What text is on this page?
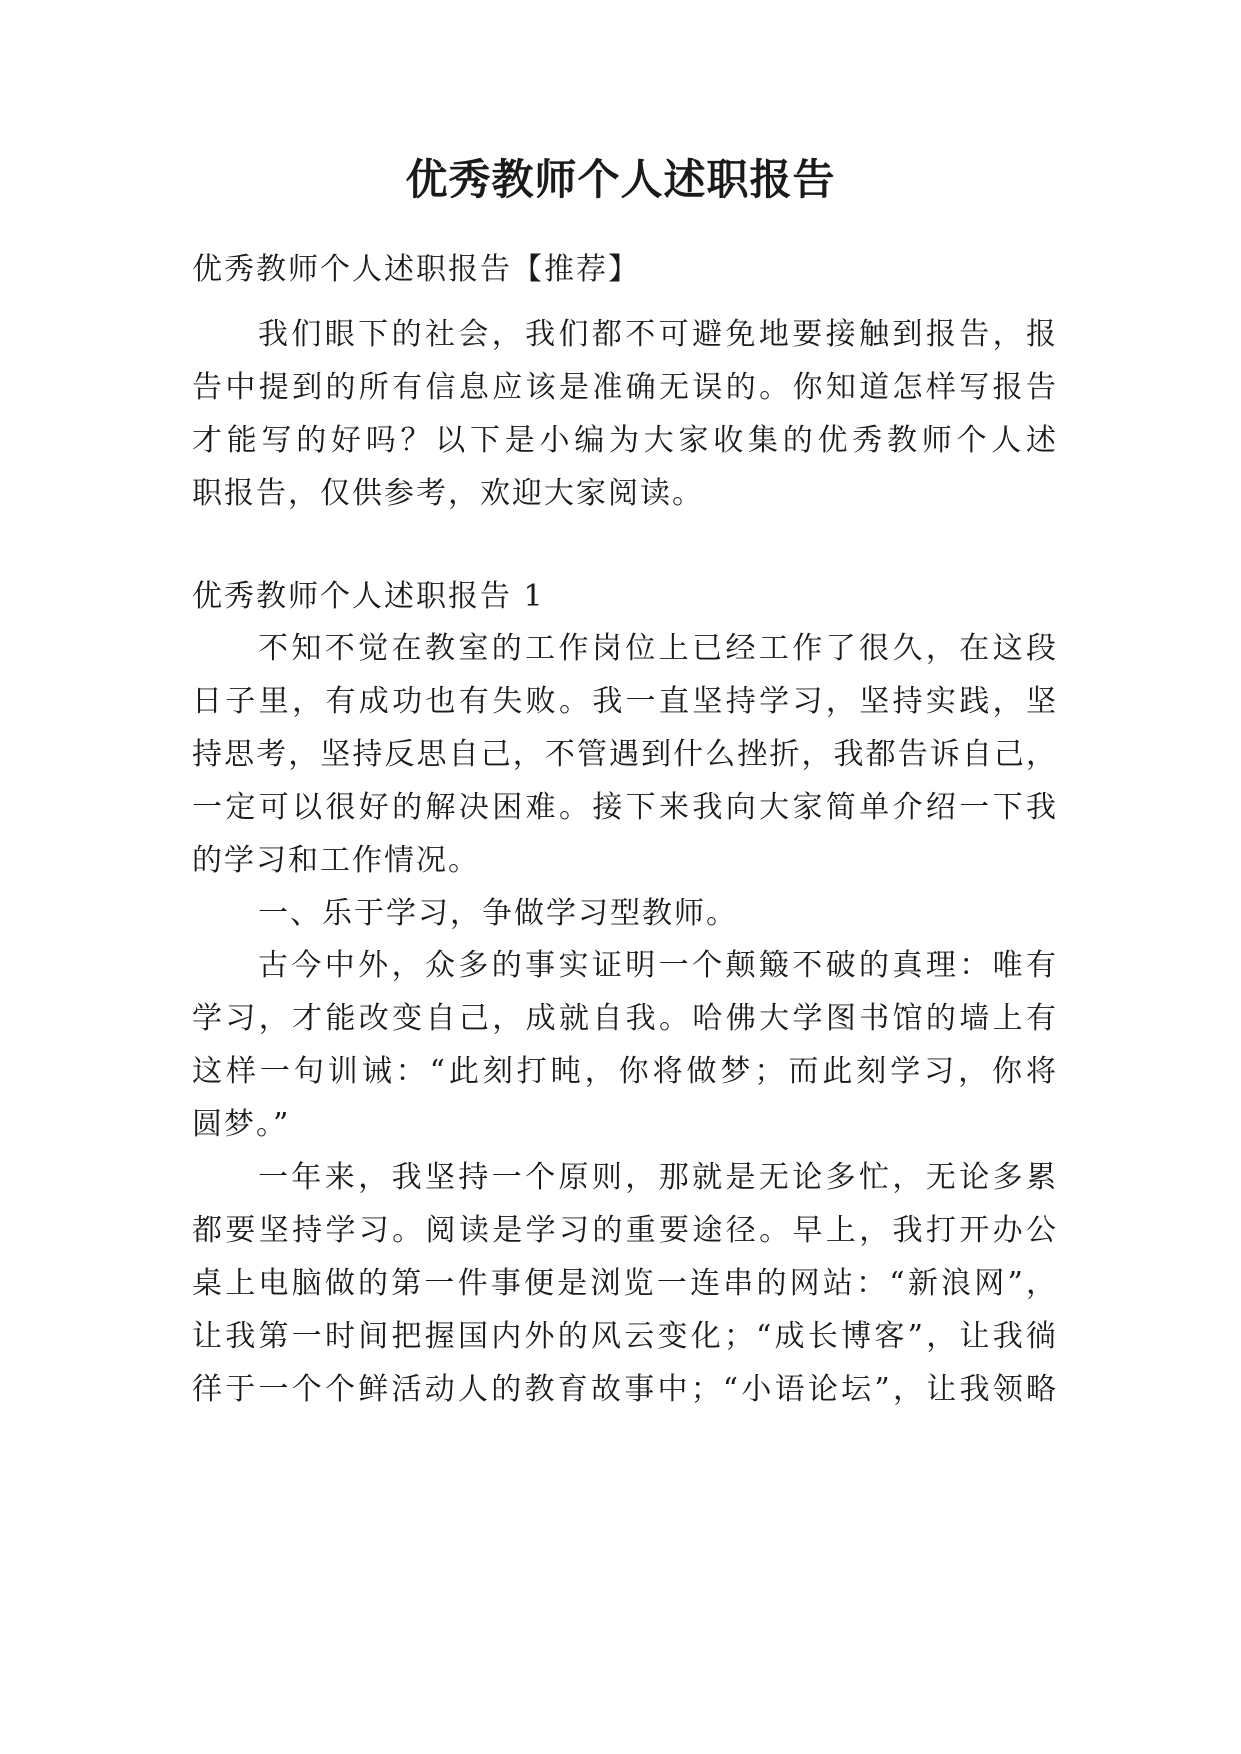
优秀教师个人述职报告
优秀教师个人述职报告【推荐】
我们眼下的社会，我们都不可避免地要接触到报告，报
告中提到的所有信息应该是准确无误的。你知道怎样写报告
才能写的好吗？以下是小编为大家收集的优秀教师个人述
职报告，仅供参考，欢迎大家阅读。
优秀教师个人述职报告 1
不知不觉在教室的工作岗位上已经工作了很久，在这段
日子里，有成功也有失败。我一直坚持学习，坚持实践，坚
持思考，坚持反思自己，不管遇到什么挫折，我都告诉自己，
一定可以很好的解决困难。接下来我向大家简单介绍一下我
的学习和工作情况。
一、乐于学习，争做学习型教师。
古今中外，众多的事实证明一个颠簸不破的真理：唯有
学习，才能改变自己，成就自我。哈佛大学图书馆的墙上有
这样一句训诫：“此刻打盹，你将做梦；而此刻学习，你将
圆梦。”
一年来，我坚持一个原则，那就是无论多忙，无论多累
都要坚持学习。阅读是学习的重要途径。早上，我打开办公
桌上电脑做的第一件事便是浏览一连串的网站：“新浪网”，
让我第一时间把握国内外的风云变化；“成长博客”，让我徜
徉于一个个鲜活动人的教育故事中；“小语论坛”，让我领略
